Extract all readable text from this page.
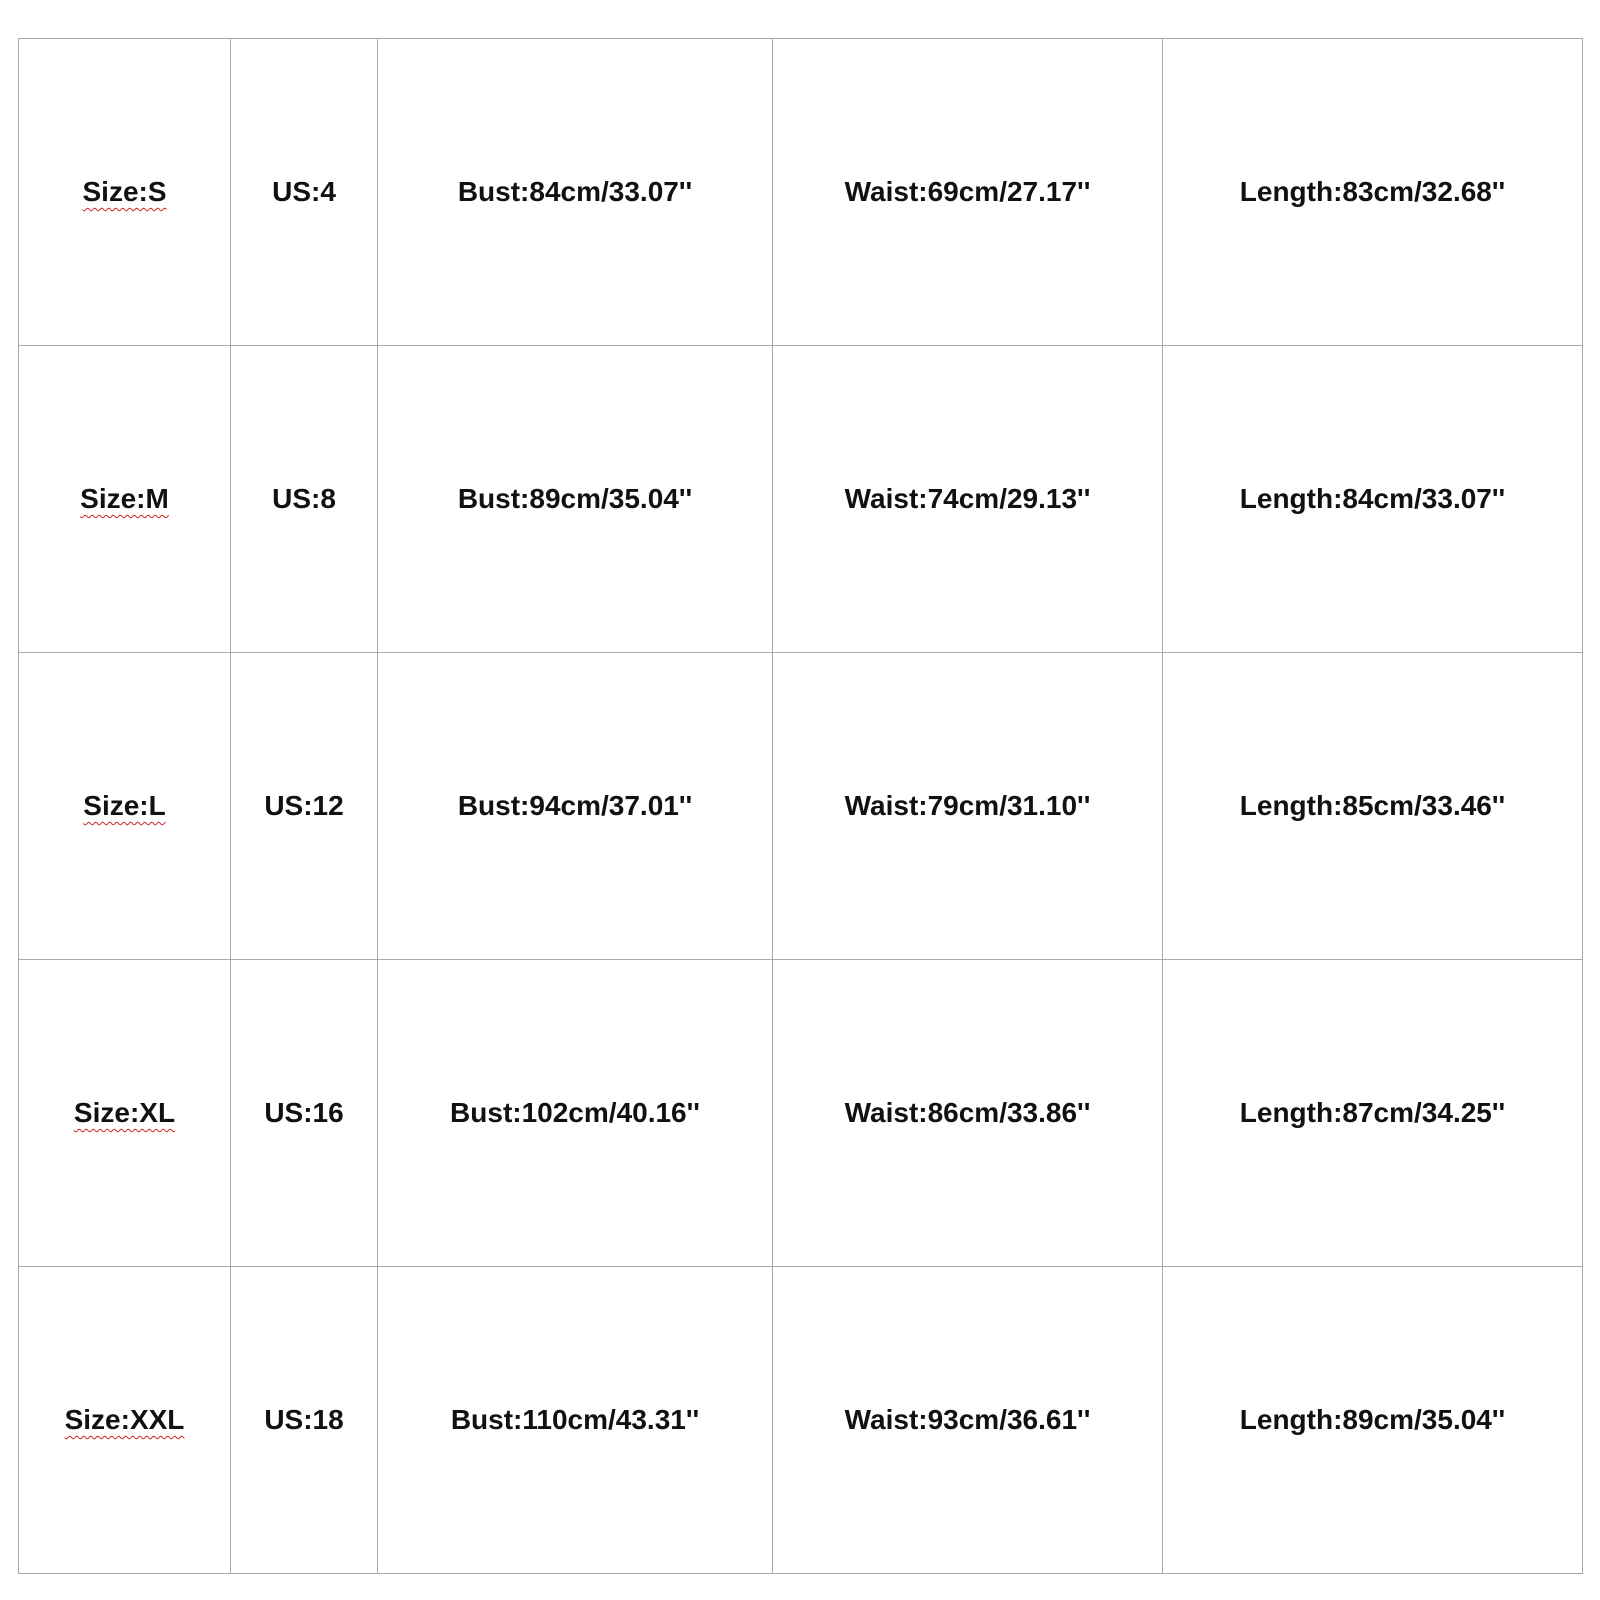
Size:S	US:4	Bust:84cm/33.07''	Waist:69cm/27.17''	Length:83cm/32.68''
Size:M	US:8	Bust:89cm/35.04''	Waist:74cm/29.13''	Length:84cm/33.07''
Size:L	US:12	Bust:94cm/37.01''	Waist:79cm/31.10''	Length:85cm/33.46''
Size:XL	US:16	Bust:102cm/40.16''	Waist:86cm/33.86''	Length:87cm/34.25''
Size:XXL	US:18	Bust:110cm/43.31''	Waist:93cm/36.61''	Length:89cm/35.04''
